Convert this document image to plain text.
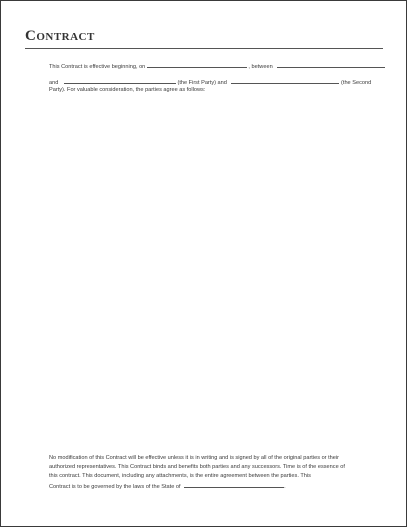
Contract
This Contract is effective beginning, on	, between
and	(the First Party) and	(the Second
Party). For valuable consideration, the parties agree as follows:
No modification of this Contract will be effective unless it is in writing and is signed by all of the original parties or their
authorized representatives. This Contract binds and benefits both parties and any successors. Time is of the essence of
this contract. This document, including any attachments, is the entire agreement between the parties. This
Contract is to be governed by the laws of the State of	.
